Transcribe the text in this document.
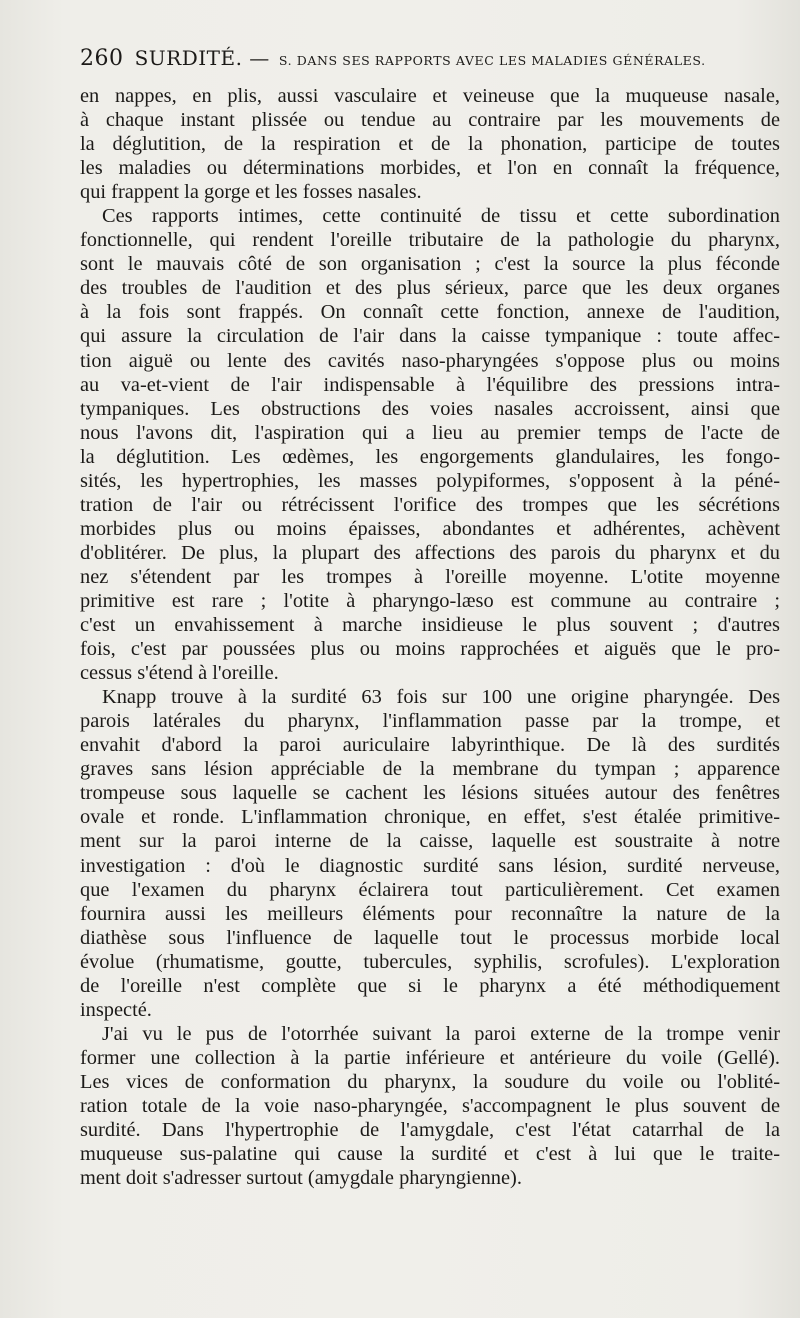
260 SURDITÉ. — S. DANS SES RAPPORTS AVEC LES MALADIES GÉNÉRALES.
en nappes, en plis, aussi vasculaire et veineuse que la muqueuse nasale,
à chaque instant plissée ou tendue au contraire par les mouvements de
la déglutition, de la respiration et de la phonation, participe de toutes
les maladies ou déterminations morbides, et l'on en connaît la fréquence,
qui frappent la gorge et les fosses nasales.
Ces rapports intimes, cette continuité de tissu et cette subordination
fonctionnelle, qui rendent l'oreille tributaire de la pathologie du pharynx,
sont le mauvais côté de son organisation ; c'est la source la plus féconde
des troubles de l'audition et des plus sérieux, parce que les deux organes
à la fois sont frappés. On connaît cette fonction, annexe de l'audition,
qui assure la circulation de l'air dans la caisse tympanique : toute affec-
tion aiguë ou lente des cavités naso-pharyngées s'oppose plus ou moins
au va-et-vient de l'air indispensable à l'équilibre des pressions intra-
tympaniques. Les obstructions des voies nasales accroissent, ainsi que
nous l'avons dit, l'aspiration qui a lieu au premier temps de l'acte de
la déglutition. Les œdèmes, les engorgements glandulaires, les fongo-
sités, les hypertrophies, les masses polypiformes, s'opposent à la péné-
tration de l'air ou rétrécissent l'orifice des trompes que les sécrétions
morbides plus ou moins épaisses, abondantes et adhérentes, achèvent
d'oblitérer. De plus, la plupart des affections des parois du pharynx et du
nez s'étendent par les trompes à l'oreille moyenne. L'otite moyenne
primitive est rare ; l'otite à pharyngo-læso est commune au contraire ;
c'est un envahissement à marche insidieuse le plus souvent ; d'autres
fois, c'est par poussées plus ou moins rapprochées et aiguës que le pro-
cessus s'étend à l'oreille.
Knapp trouve à la surdité 63 fois sur 100 une origine pharyngée. Des
parois latérales du pharynx, l'inflammation passe par la trompe, et
envahit d'abord la paroi auriculaire labyrinthique. De là des surdités
graves sans lésion appréciable de la membrane du tympan ; apparence
trompeuse sous laquelle se cachent les lésions situées autour des fenêtres
ovale et ronde. L'inflammation chronique, en effet, s'est étalée primitive-
ment sur la paroi interne de la caisse, laquelle est soustraite à notre
investigation : d'où le diagnostic surdité sans lésion, surdité nerveuse,
que l'examen du pharynx éclairera tout particulièrement. Cet examen
fournira aussi les meilleurs éléments pour reconnaître la nature de la
diathèse sous l'influence de laquelle tout le processus morbide local
évolue (rhumatisme, goutte, tubercules, syphilis, scrofules). L'exploration
de l'oreille n'est complète que si le pharynx a été méthodiquement
inspecté.
J'ai vu le pus de l'otorrhée suivant la paroi externe de la trompe venir
former une collection à la partie inférieure et antérieure du voile (Gellé).
Les vices de conformation du pharynx, la soudure du voile ou l'oblité-
ration totale de la voie naso-pharyngée, s'accompagnent le plus souvent de
surdité. Dans l'hypertrophie de l'amygdale, c'est l'état catarrhal de la
muqueuse sus-palatine qui cause la surdité et c'est à lui que le traite-
ment doit s'adresser surtout (amygdale pharyngienne).
